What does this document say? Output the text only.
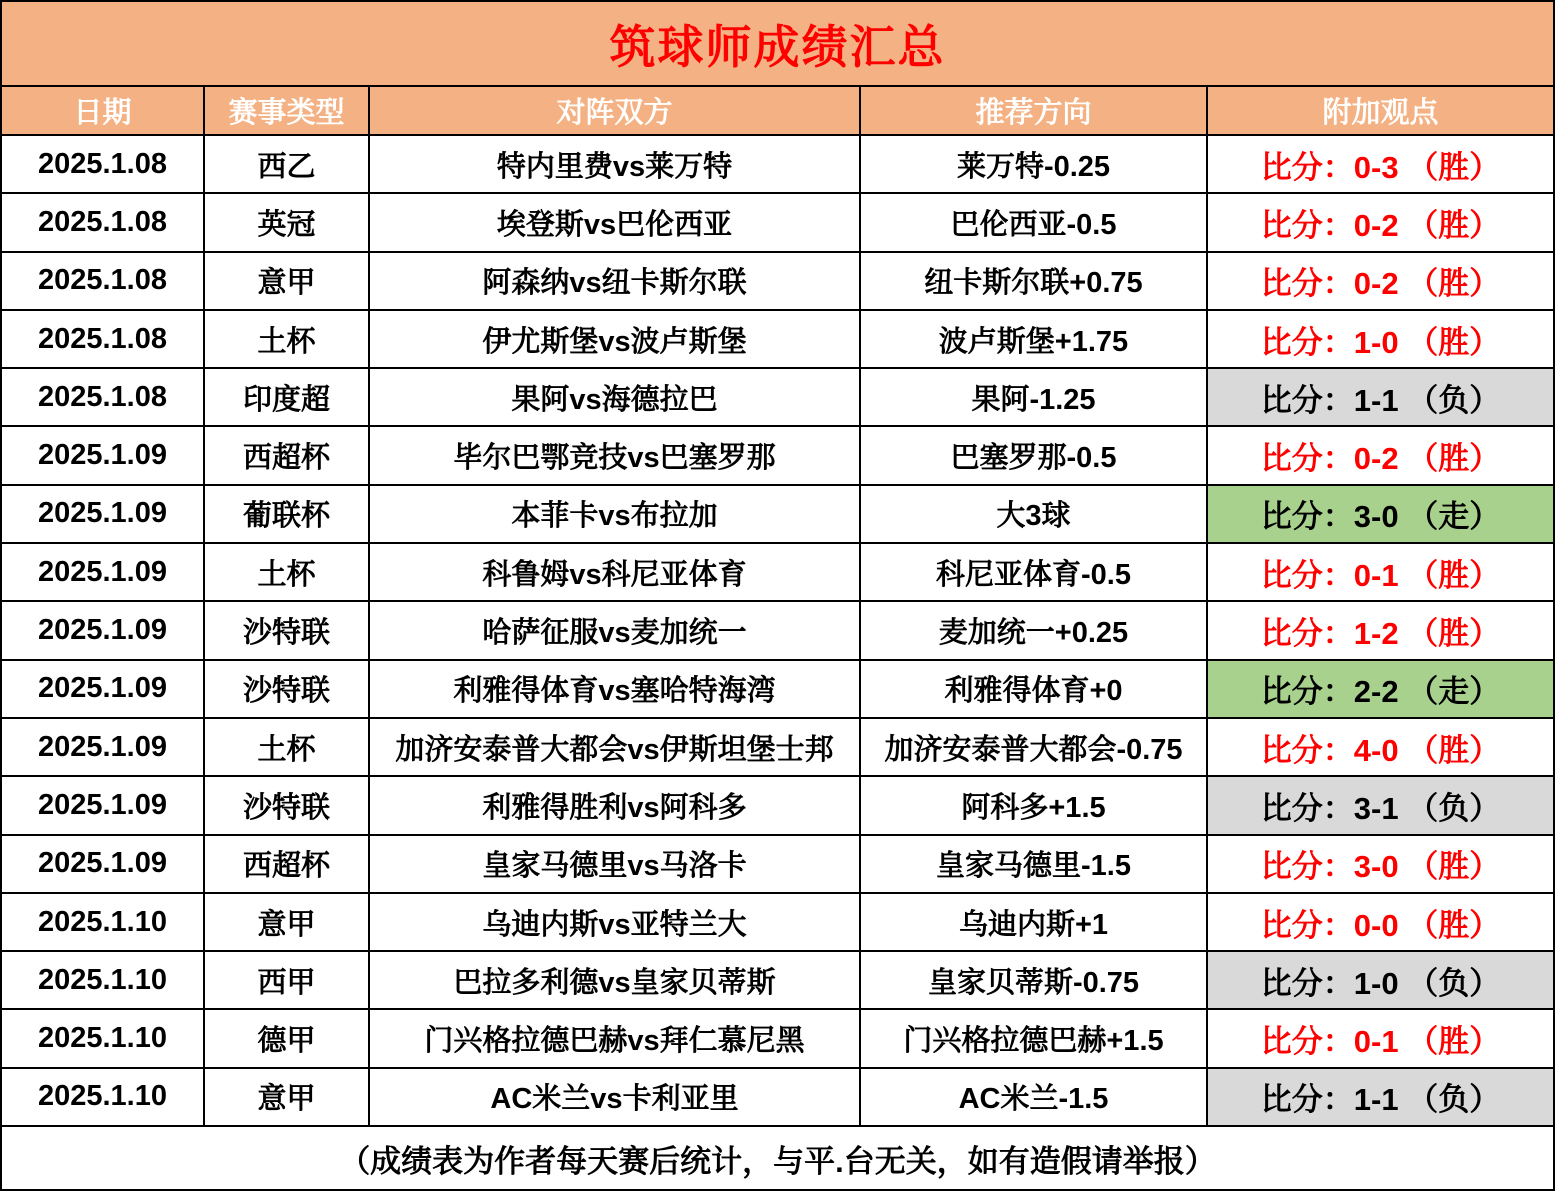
筑球师成绩汇总
日期	赛事类型	对阵双方	推荐方向	附加观点
2025.1.08	西乙	特内里费vs莱万特	莱万特-0.25	比分：0-3 （胜）
2025.1.08	英冠	埃登斯vs巴伦西亚	巴伦西亚-0.5	比分：0-2 （胜）
2025.1.08	意甲	阿森纳vs纽卡斯尔联	纽卡斯尔联+0.75	比分：0-2 （胜）
2025.1.08	土杯	伊尤斯堡vs波卢斯堡	波卢斯堡+1.75	比分：1-0 （胜）
2025.1.08	印度超	果阿vs海德拉巴	果阿-1.25	比分：1-1 （负）
2025.1.09	西超杯	毕尔巴鄂竞技vs巴塞罗那	巴塞罗那-0.5	比分：0-2 （胜）
2025.1.09	葡联杯	本菲卡vs布拉加	大3球	比分：3-0 （走）
2025.1.09	土杯	科鲁姆vs科尼亚体育	科尼亚体育-0.5	比分：0-1 （胜）
2025.1.09	沙特联	哈萨征服vs麦加统一	麦加统一+0.25	比分：1-2 （胜）
2025.1.09	沙特联	利雅得体育vs塞哈特海湾	利雅得体育+0	比分：2-2 （走）
2025.1.09	土杯	加济安泰普大都会vs伊斯坦堡士邦	加济安泰普大都会-0.75	比分：4-0 （胜）
2025.1.09	沙特联	利雅得胜利vs阿科多	阿科多+1.5	比分：3-1 （负）
2025.1.09	西超杯	皇家马德里vs马洛卡	皇家马德里-1.5	比分：3-0 （胜）
2025.1.10	意甲	乌迪内斯vs亚特兰大	乌迪内斯+1	比分：0-0 （胜）
2025.1.10	西甲	巴拉多利德vs皇家贝蒂斯	皇家贝蒂斯-0.75	比分：1-0 （负）
2025.1.10	德甲	门兴格拉德巴赫vs拜仁慕尼黑	门兴格拉德巴赫+1.5	比分：0-1 （胜）
2025.1.10	意甲	AC米兰vs卡利亚里	AC米兰-1.5	比分：1-1 （负）
（成绩表为作者每天赛后统计，与平.台无关，如有造假请举报）
